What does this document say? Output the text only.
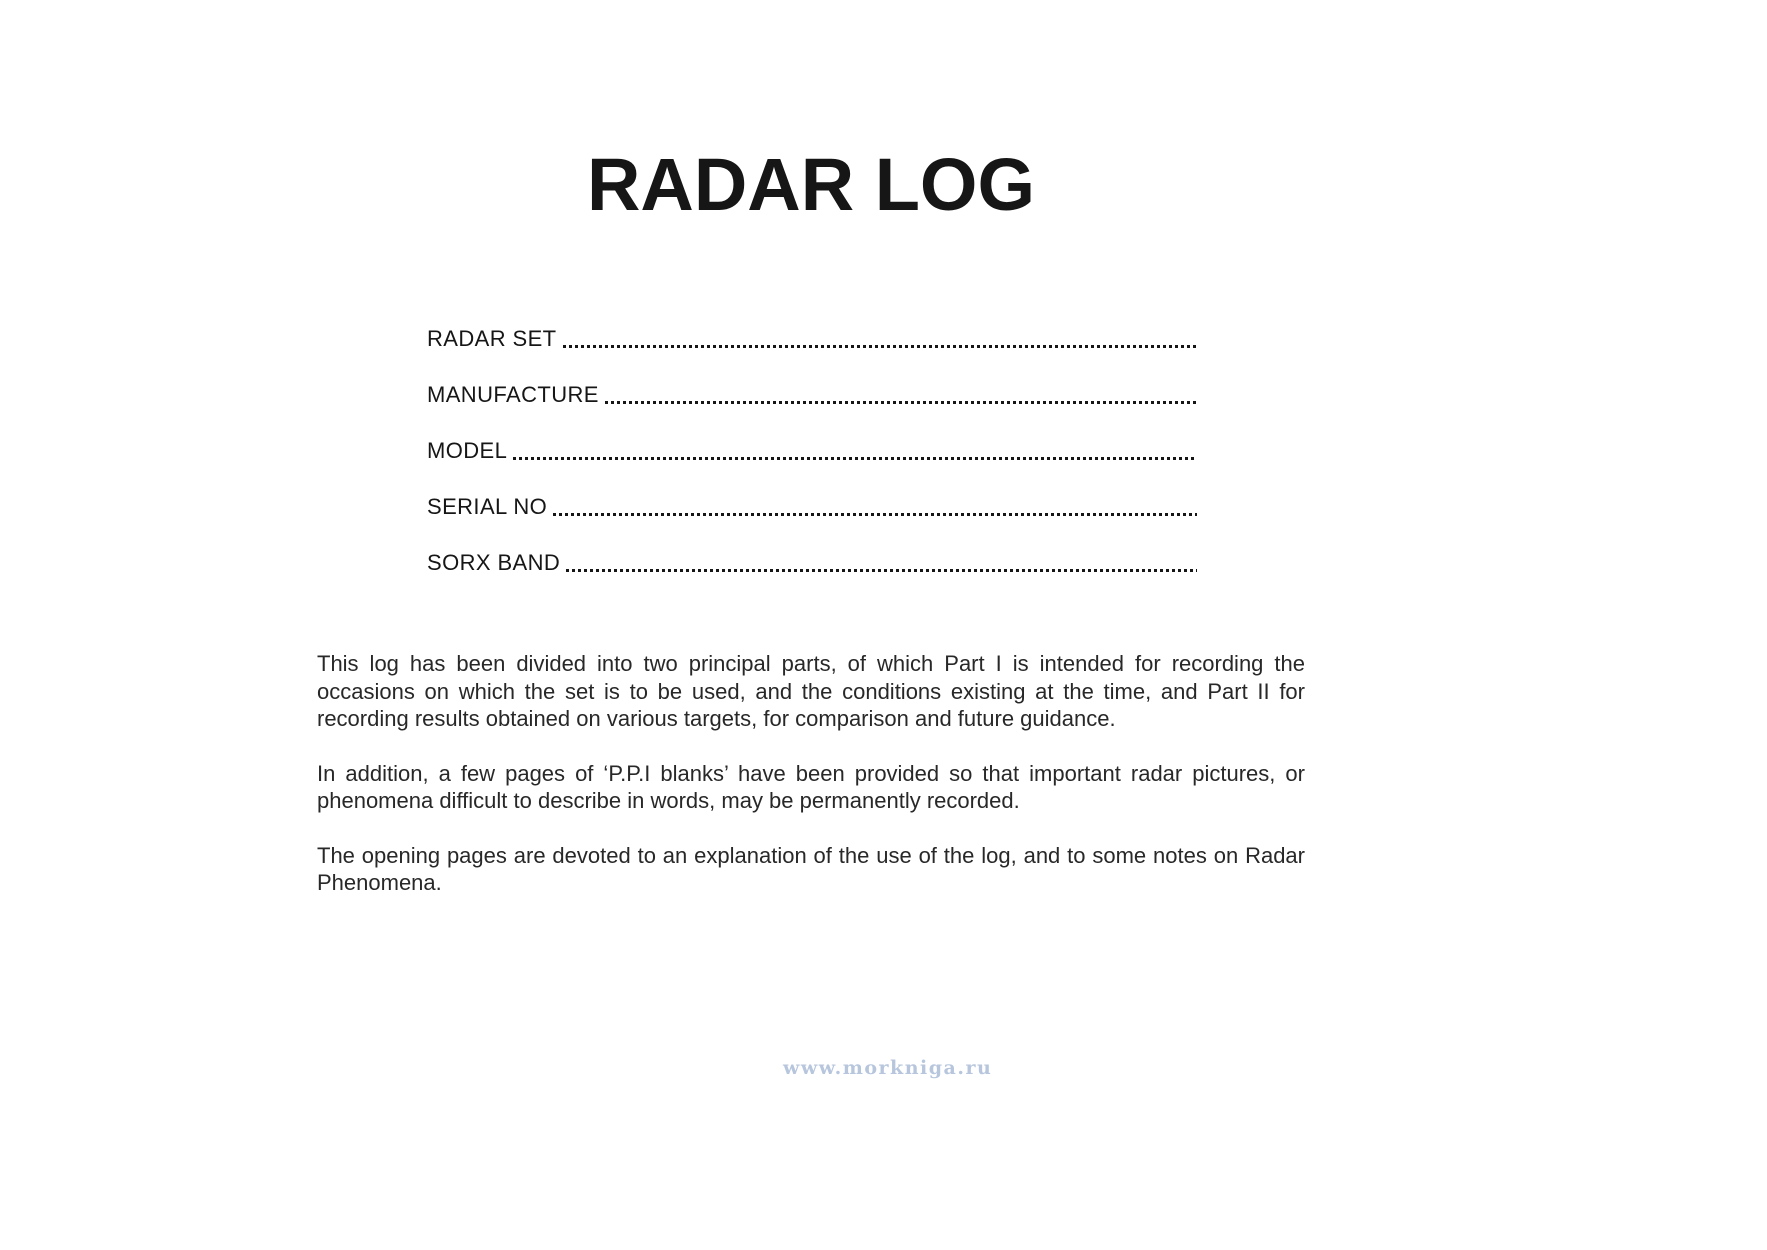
RADAR LOG
RADAR SET
MANUFACTURE
MODEL
SERIAL NO
SORX BAND

This log has been divided into two principal parts, of which Part I is intended for recording the occasions on which the set is to be used, and the conditions existing at the time, and Part II for recording results obtained on various targets, for comparison and future guidance.

In addition, a few pages of ‘P.P.I blanks’ have been provided so that important radar pictures, or phenomena difficult to describe in words, may be permanently recorded.

The opening pages are devoted to an explanation of the use of the log, and to some notes on Radar Phenomena.

www.morkniga.ru
